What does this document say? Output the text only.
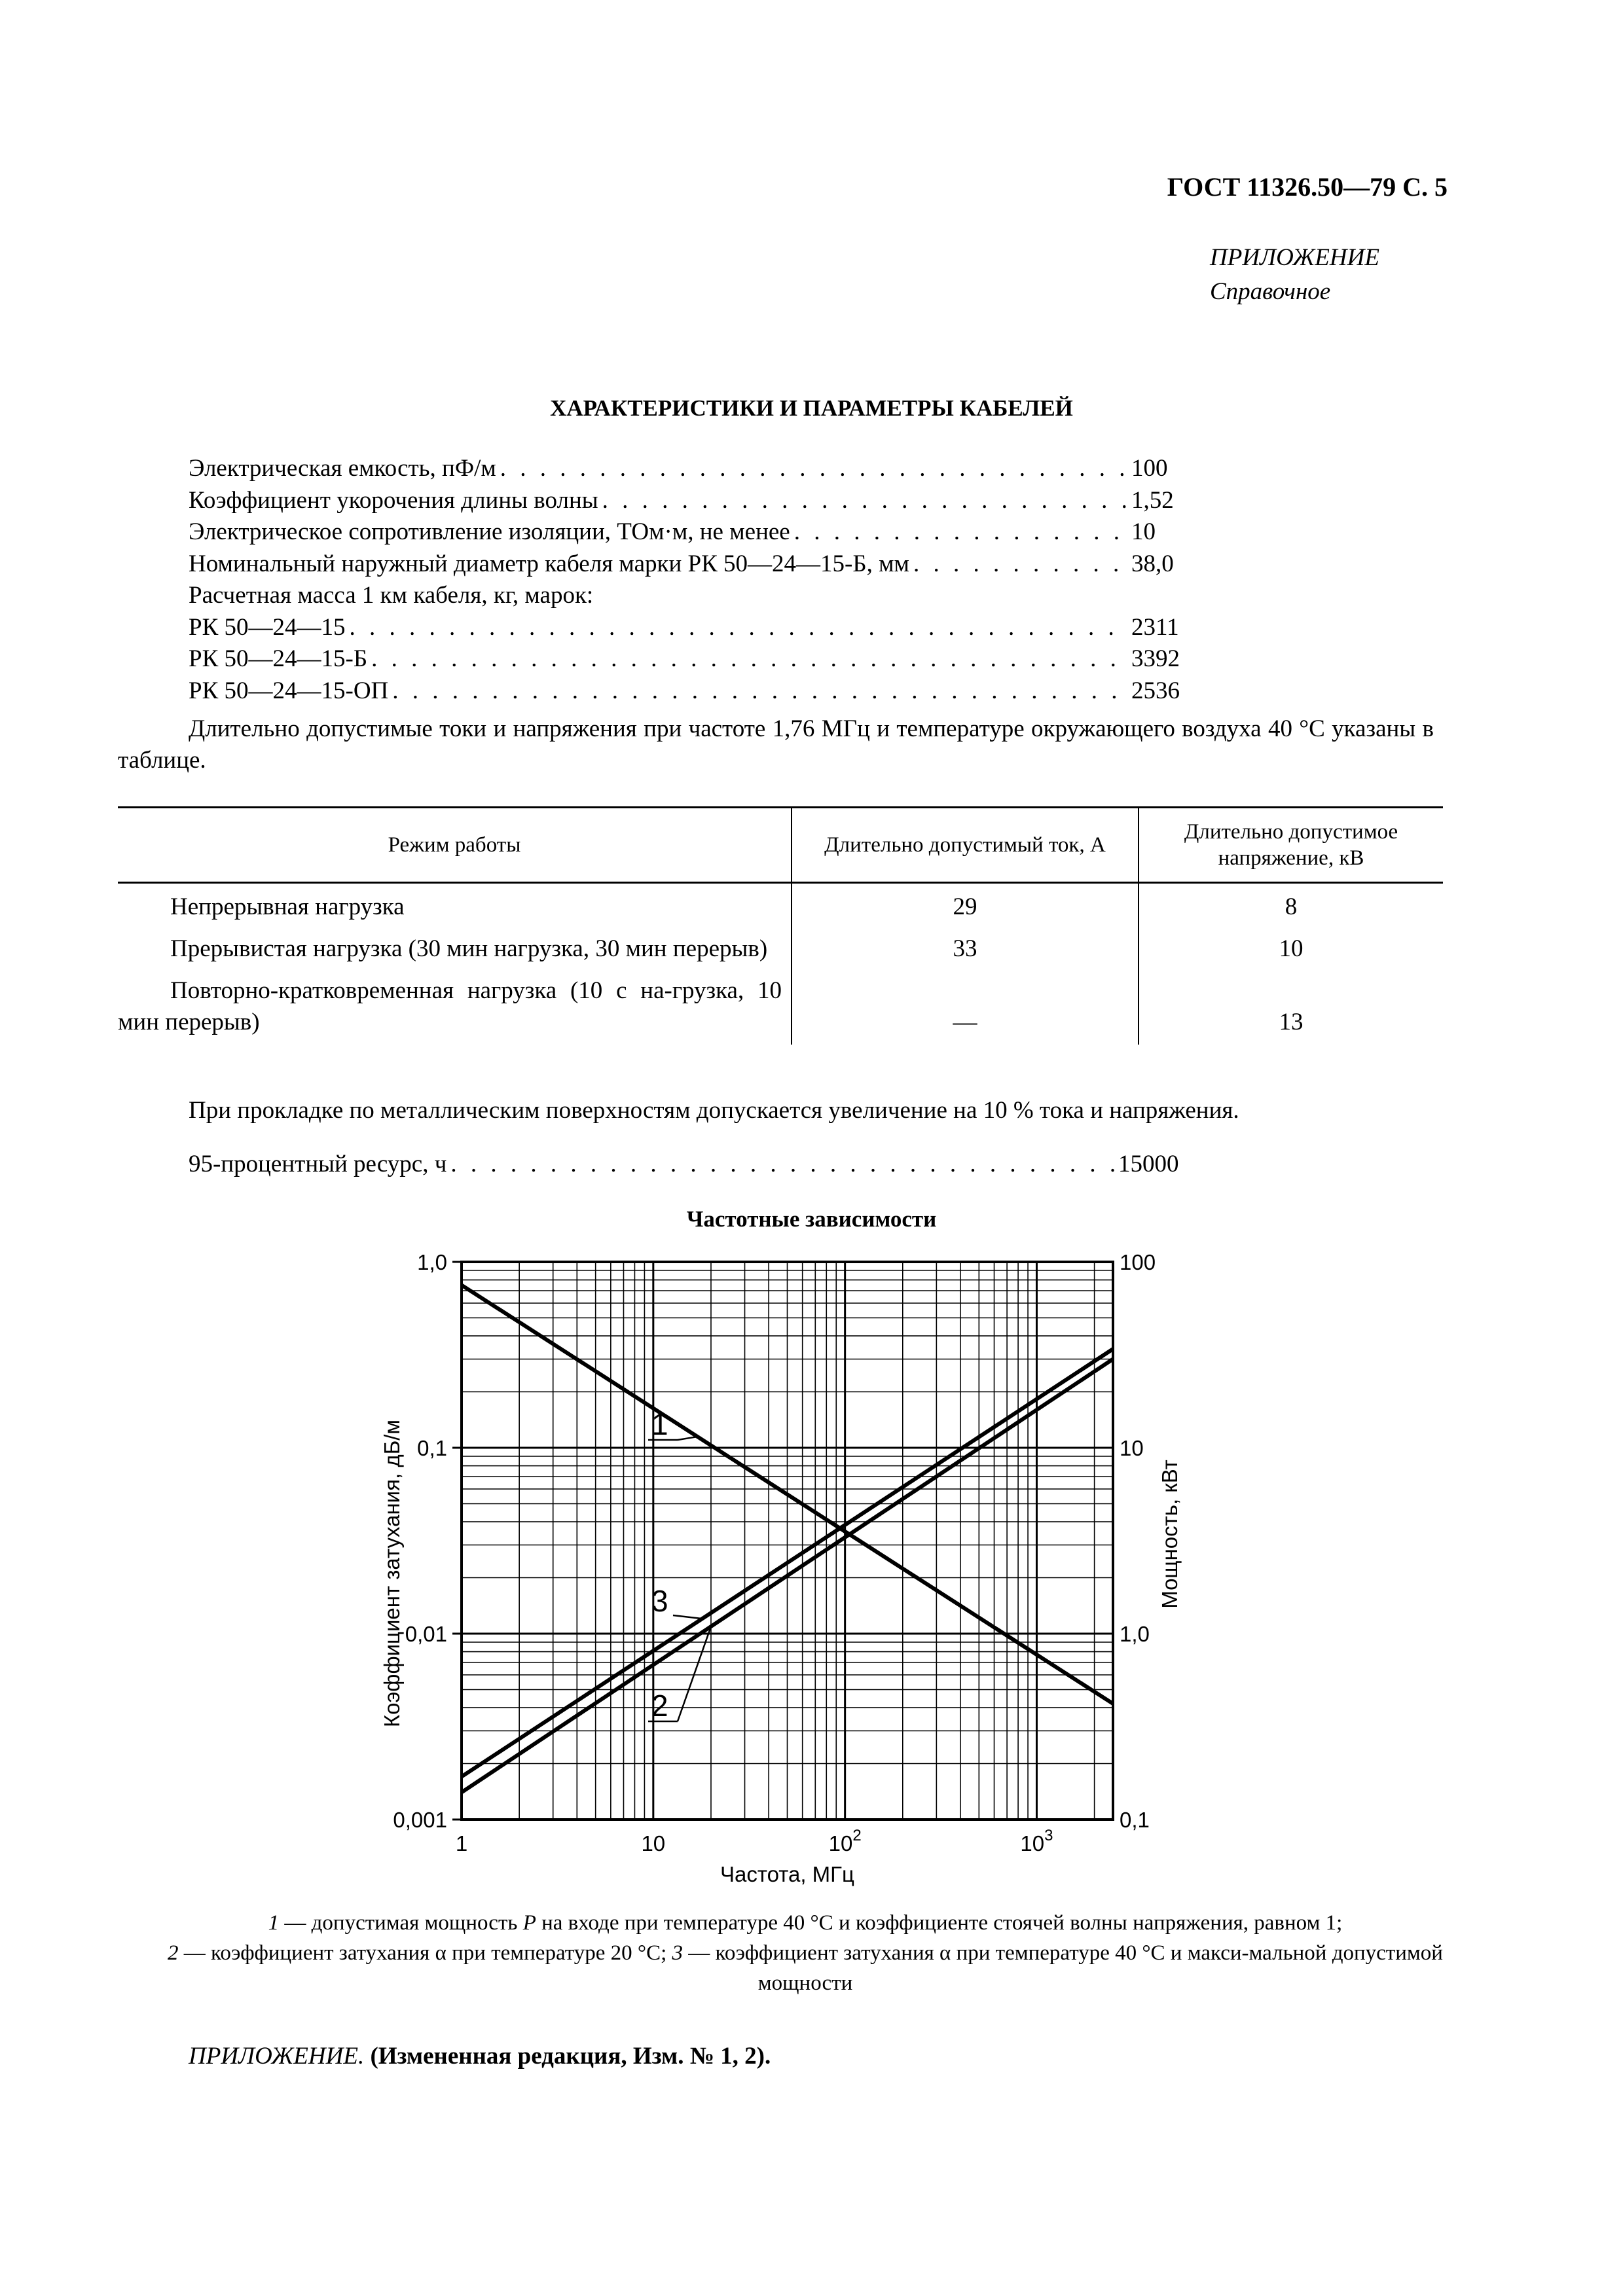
ГОСТ 11326.50—79 С. 5
ПРИЛОЖЕНИЕ
Справочное
ХАРАКТЕРИСТИКИ И ПАРАМЕТРЫ КАБЕЛЕЙ
Электрическая емкость, пФ/м . . .	100
Коэффициент укорочения длины волны . . .	1,52
Электрическое сопротивление изоляции, ТОм·м, не менее . . .	10
Номинальный наружный диаметр кабеля марки РК 50—24—15-Б, мм . . .	38,0
Расчетная масса 1 км кабеля, кг, марок:
РК 50—24—15 . . .	2311
РК 50—24—15-Б . . .	3392
РК 50—24—15-ОП . . .	2536
Длительно допустимые токи и напряжения при частоте 1,76 МГц и температуре окружающего воздуха 40 °С указаны в таблице.
Режим работы	Длительно допустимый ток, А	Длительно допустимое напряжение, кВ
Непрерывная нагрузка	29	8
Прерывистая нагрузка (30 мин нагрузка, 30 мин перерыв)	33	10
Повторно-кратковременная нагрузка (10 с на-грузка, 10 мин перерыв)	—	13
При прокладке по металлическим поверхностям допускается увеличение на 10 % тока и напряжения.
95-процентный ресурс, ч . . .	15000
Частотные зависимости
0,001
0,01
0,1
1,0
0,1
1,0
10
100
1	10	$10^2$	$10^3$
Коэффициент затухания, дБ/м	Мощность, кВт
Частота, МГц
1
3
2
1 — допустимая мощность P на входе при температуре 40 °С и коэффициенте стоячей волны напряжения, равном 1;
2 — коэффициент затухания α при температуре 20 °С; 3 — коэффициент затухания α при температуре 40 °С и макси-мальной допустимой мощности
ПРИЛОЖЕНИЕ. (Измененная редакция, Изм. № 1, 2).
